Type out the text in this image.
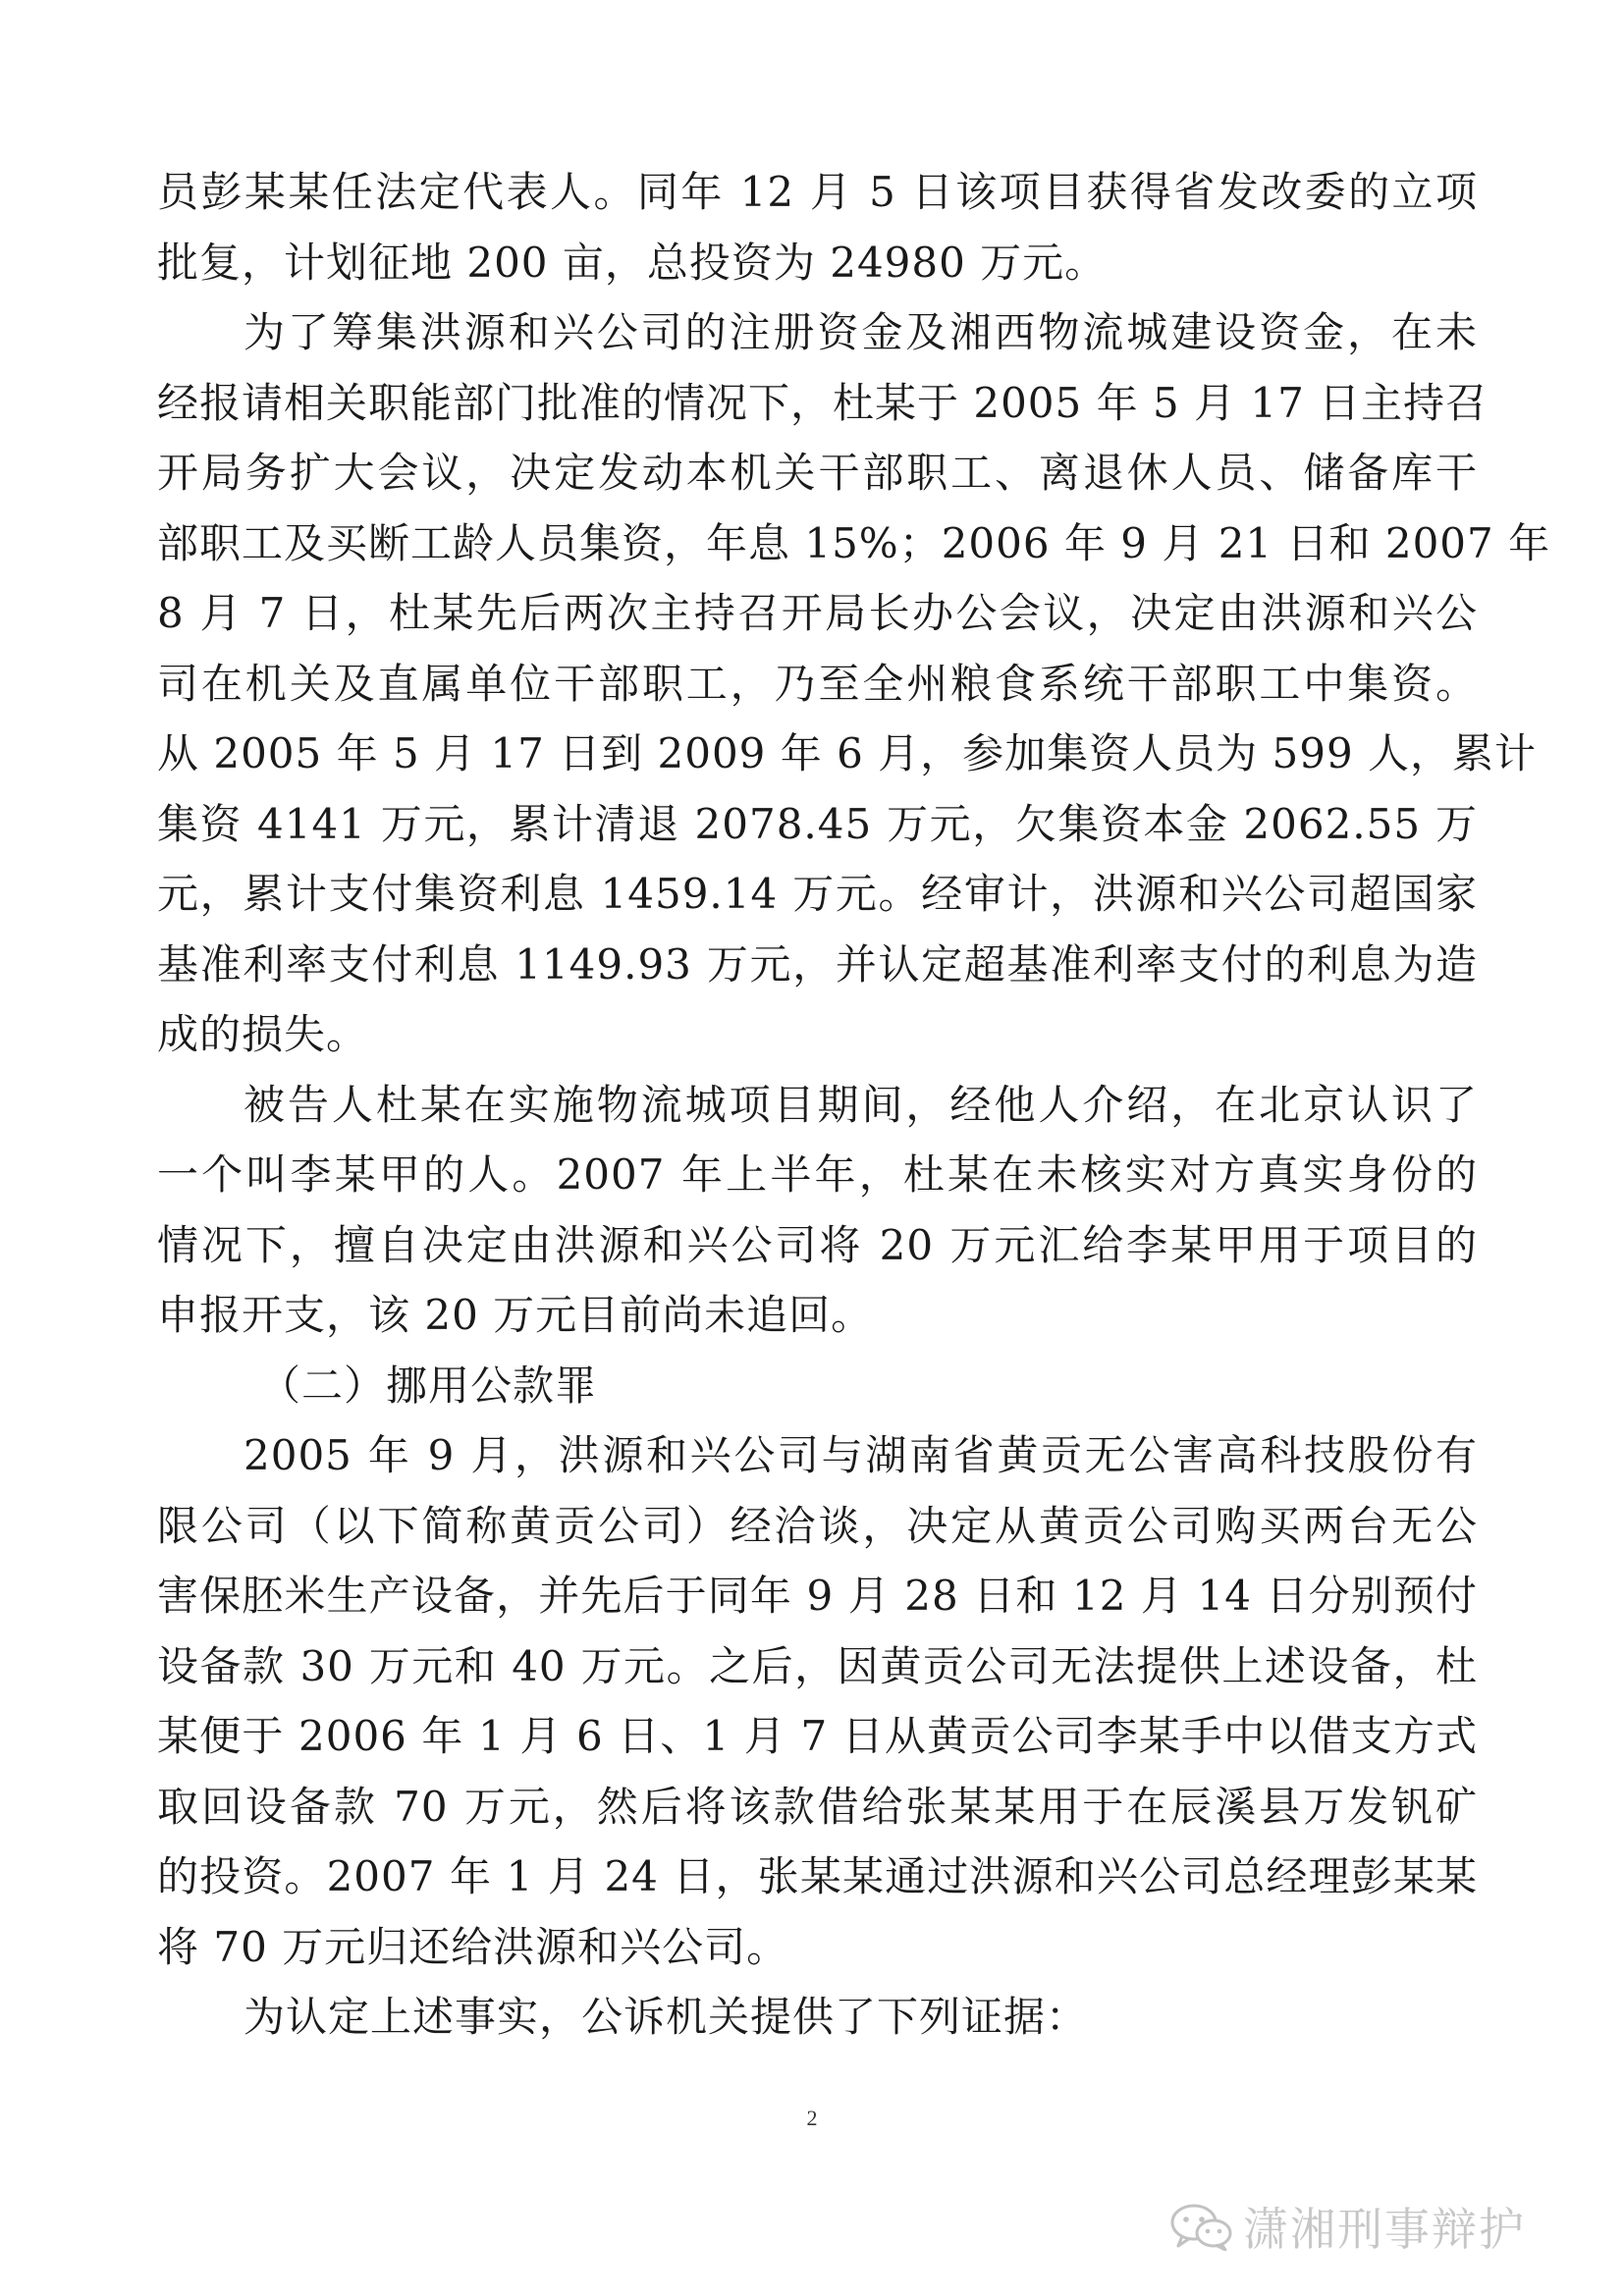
员彭某某任法定代表人。同年 12 月 5 日该项目获得省发改委的立项
批复，计划征地 200 亩，总投资为 24980 万元。
为了筹集洪源和兴公司的注册资金及湘西物流城建设资金，在未
经报请相关职能部门批准的情况下，杜某于 2005 年 5 月 17 日主持召
开局务扩大会议，决定发动本机关干部职工、离退休人员、储备库干
部职工及买断工龄人员集资，年息 15%；2006 年 9 月 21 日和 2007 年
8 月 7 日，杜某先后两次主持召开局长办公会议，决定由洪源和兴公
司在机关及直属单位干部职工，乃至全州粮食系统干部职工中集资。
从 2005 年 5 月 17 日到 2009 年 6 月，参加集资人员为 599 人，累计
集资 4141 万元，累计清退 2078.45 万元，欠集资本金 2062.55 万
元，累计支付集资利息 1459.14 万元。经审计，洪源和兴公司超国家
基准利率支付利息 1149.93 万元，并认定超基准利率支付的利息为造
成的损失。
被告人杜某在实施物流城项目期间，经他人介绍，在北京认识了
一个叫李某甲的人。2007 年上半年，杜某在未核实对方真实身份的
情况下，擅自决定由洪源和兴公司将 20 万元汇给李某甲用于项目的
申报开支，该 20 万元目前尚未追回。
（二）挪用公款罪
2005 年 9 月，洪源和兴公司与湖南省黄贡无公害高科技股份有
限公司（以下简称黄贡公司）经洽谈，决定从黄贡公司购买两台无公
害保胚米生产设备，并先后于同年 9 月 28 日和 12 月 14 日分别预付
设备款 30 万元和 40 万元。之后，因黄贡公司无法提供上述设备，杜
某便于 2006 年 1 月 6 日、1 月 7 日从黄贡公司李某手中以借支方式
取回设备款 70 万元，然后将该款借给张某某用于在辰溪县万发钒矿
的投资。2007 年 1 月 24 日，张某某通过洪源和兴公司总经理彭某某
将 70 万元归还给洪源和兴公司。
为认定上述事实，公诉机关提供了下列证据：
2
潇湘刑事辩护
